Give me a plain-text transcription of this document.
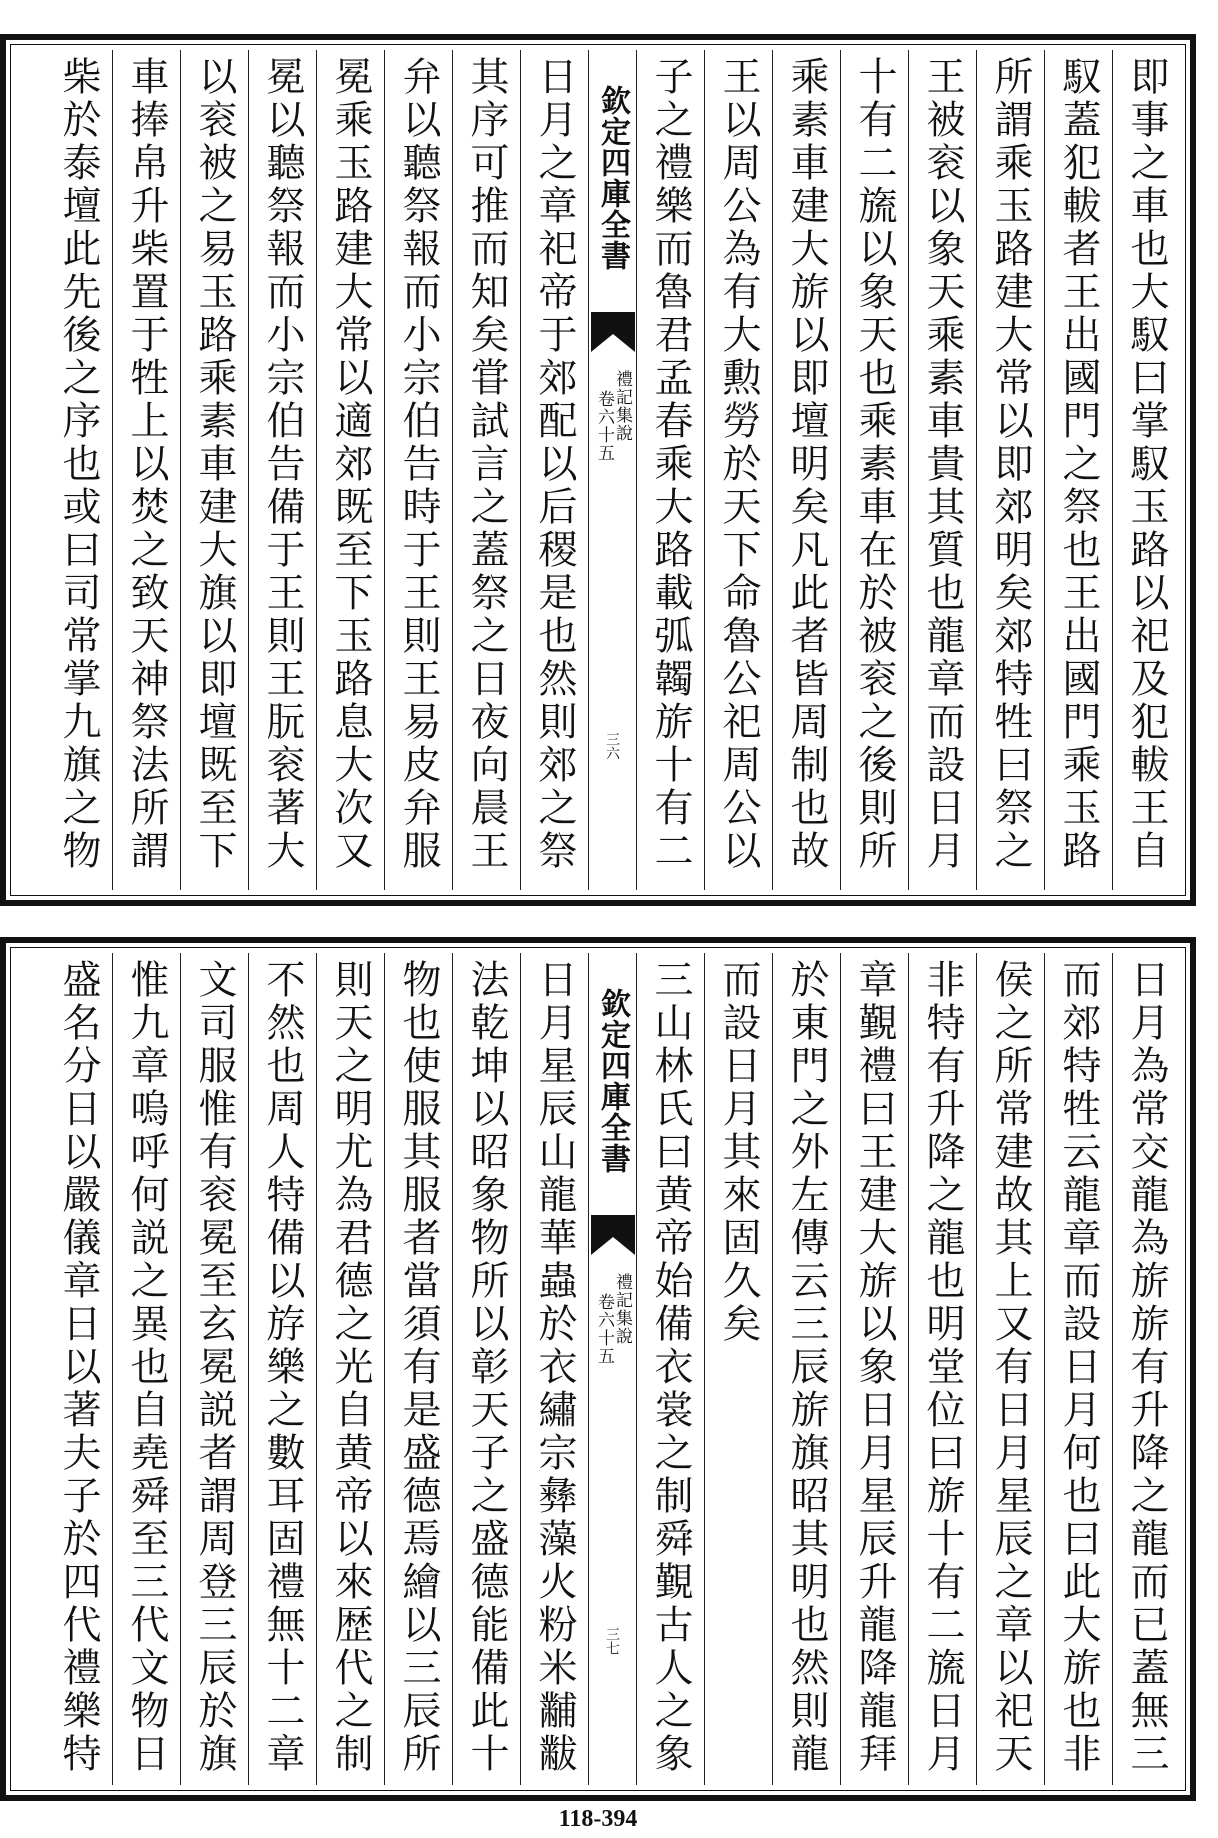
即事之車也大馭曰掌馭玉路以祀及犯軷王自
馭蓋犯軷者王出國門之祭也王出國門乘玉路
所謂乘玉路建大常以即郊明矣郊特牲曰祭之
王被衮以象天乘素車貴其質也龍章而設日月
十有二旒以象天也乘素車在於被衮之後則所
乘素車建大旂以即壇明矣凡此者皆周制也故
王以周公為有大勲勞於天下命魯公祀周公以
子之禮樂而魯君孟春乘大路載弧韣旂十有二
欽定四庫全書
禮記集說
卷六十五
三六
日月之章祀帝于郊配以后稷是也然則郊之祭
其序可推而知矣甞試言之蓋祭之日夜向晨王
弁以聽祭報而小宗伯告時于王則王易皮弁服
冕乘玉路建大常以適郊既至下玉路息大次又
冕以聽祭報而小宗伯告備于王則王朊衮著大
以衮被之易玉路乘素車建大旗以即壇既至下
車捧帛升柴置于牲上以焚之致天神祭法所謂
柴於泰壇此先後之序也或曰司常掌九旗之物
日月為常交龍為旂旂有升降之龍而已蓋無三
而郊特牲云龍章而設日月何也曰此大旂也非
侯之所常建故其上又有日月星辰之章以祀天
非特有升降之龍也明堂位曰旂十有二旒日月
章覲禮曰王建大旂以象日月星辰升龍降龍拜
於東門之外左傳云三辰旂旗昭其明也然則龍
而設日月其來固久矣
三山林氏曰黄帝始備衣裳之制舜覲古人之象
欽定四庫全書
禮記集說
卷六十五
三七
日月星辰山龍華蟲於衣繡宗彝藻火粉米黼黻
法乾坤以昭象物所以彰天子之盛德能備此十
物也使服其服者當須有是盛德焉繪以三辰所
則天之明尤為君德之光自黄帝以來歴代之制
不然也周人特備以斿樂之數耳固禮無十二章
文司服惟有衮冕至玄冕説者謂周登三辰於旗
惟九章嗚呼何説之異也自堯舜至三代文物日
盛名分日以嚴儀章日以著夫子於四代禮樂特
118-394
